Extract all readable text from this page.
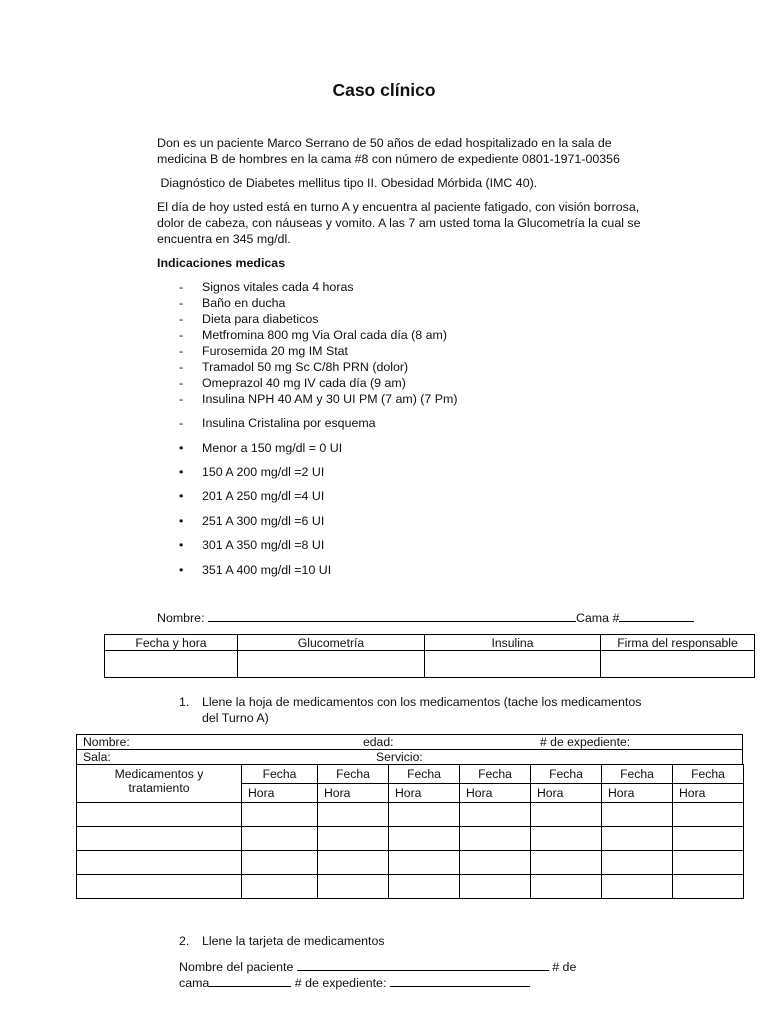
Caso clínico
Don es un paciente Marco Serrano de 50 años de edad hospitalizado en la sala de
medicina B de hombres en la cama #8 con número de expediente 0801-1971-00356
Diagnóstico de Diabetes mellitus tipo II. Obesidad Mórbida (IMC 40).
El día de hoy usted está en turno A y encuentra al paciente fatigado, con visión borrosa,
dolor de cabeza, con náuseas y vomito. A las 7 am usted toma la Glucometría la cual se
encuentra en 345 mg/dl.
Indicaciones medicas
- Signos vitales cada 4 horas
- Baño en ducha
- Dieta para diabeticos
- Metfromina 800 mg Via Oral cada día (8 am)
- Furosemida 20 mg IM Stat
- Tramadol 50 mg Sc C/8h PRN (dolor)
- Omeprazol 40 mg IV cada día (9 am)
- Insulina NPH 40 AM y 30 UI PM (7 am) (7 Pm)
- Insulina Cristalina por esquema
• Menor a 150 mg/dl = 0 UI
• 150 A 200 mg/dl =2 UI
• 201 A 250 mg/dl =4 UI
• 251 A 300 mg/dl =6 UI
• 301 A 350 mg/dl =8 UI
• 351 A 400 mg/dl =10 UI
Nombre:	Cama #
Fecha y hora	Glucometría	Insulina	Firma del responsable

1. Llene la hoja de medicamentos con los medicamentos (tache los medicamentos
del Turno A)
Nombre:	edad:	# de expediente:

Sala:	Servicio:
Medicamentos y
tratamiento	Fecha	Fecha	Fecha	Fecha	Fecha	Fecha	Fecha
	Hora	Hora	Hora	Hora	Hora	Hora	Hora

2. Llene la tarjeta de medicamentos
Nombre del paciente	# de
cama	# de expediente:
